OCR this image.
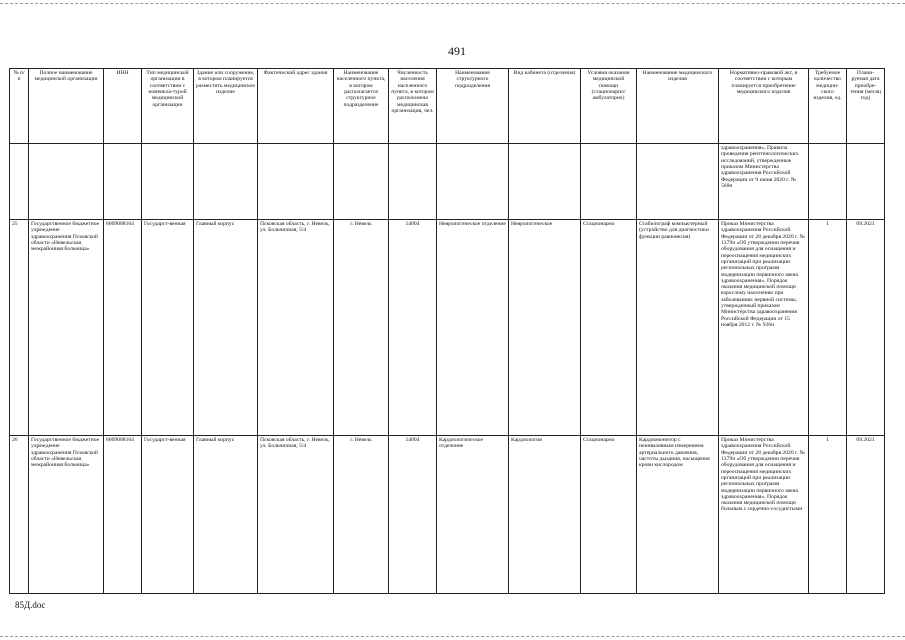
491
№ п/п	Полное наименование медицинской организации	ИНН	Тип медицинской организации в соответствии с номенкла-турой медицинской организации	Здание или сооружение, в котором планируется разместить медицинское изделие	Фактический адрес здания	Наименование населенного пункта, в котором располагается структурное подразделение	Численность населения населенного пункта, в котором расположена медицинская организация, чел.	Наименование структурного подразделения	Вид кабинета (отделения)	Условия оказания медицинской помощи (стационарно/ амбулаторно)	Наименование медицинского изделия	Нормативно-правовой акт, в соответствии с которым планируется приобретение медицинского изделия	Требуемое количество медицин-ского изделия, ед.	Плани-руемая дата приобре-тения (месяц год)
												здравоохранения», Правила проведения рентгенологических исследований, утвержденные приказом Министерства здравоохранения Российской Федерации от 9 июня 2020 г. № 560н		
25	Государственное бюджетное учреждение здравоохранения Псковской области «Невельская межрайонная больница»	6009008164	Государст-венная	Главный корпус	Псковская область, г. Невель, ул. Больничная, 5/4	г. Невель	14004	Неврологическое отделение	Неврологическое	Стационарно	Стабилограф компьютерный (устройство для диагностики функции равновесия)	Приказ Министерства здравоохранения Российской Федерации от 28 декабря 2020 г. № 1379н «Об утверждении перечня оборудования для оснащения и переоснащения медицинских организаций при реализации региональных программ модернизации первичного звена здравоохранения», Порядок оказания медицинской помощи взрослому населению при заболеваниях нервной системы, утвержденный приказом Министерства здравоохранения Российской Федерации от 15 ноября 2012 г. № 926н	1	09.2021
26	Государственное бюджетное учреждение здравоохранения Псковской области «Невельская межрайонная больница»	6009008164	Государст-венная	Главный корпус	Псковская область, г. Невель, ул. Больничная, 5/4	г. Невель	14004	Кардиологическое отделение	Кардиология	Стационарно	Кардиомонитор с неинвазивным измерением артериального давления, частоты дыхания, насыщения крови кислородом	Приказ Министерства здравоохранения Российской Федерации от 28 декабря 2020 г. № 1379н «Об утверждении перечня оборудования для оснащения и переоснащения медицинских организаций при реализации региональных программ модернизации первичного звена здравоохранения», Порядок оказания медицинской помощи больным с сердечно-сосудистыми	1	09.2021
85Д.doc
